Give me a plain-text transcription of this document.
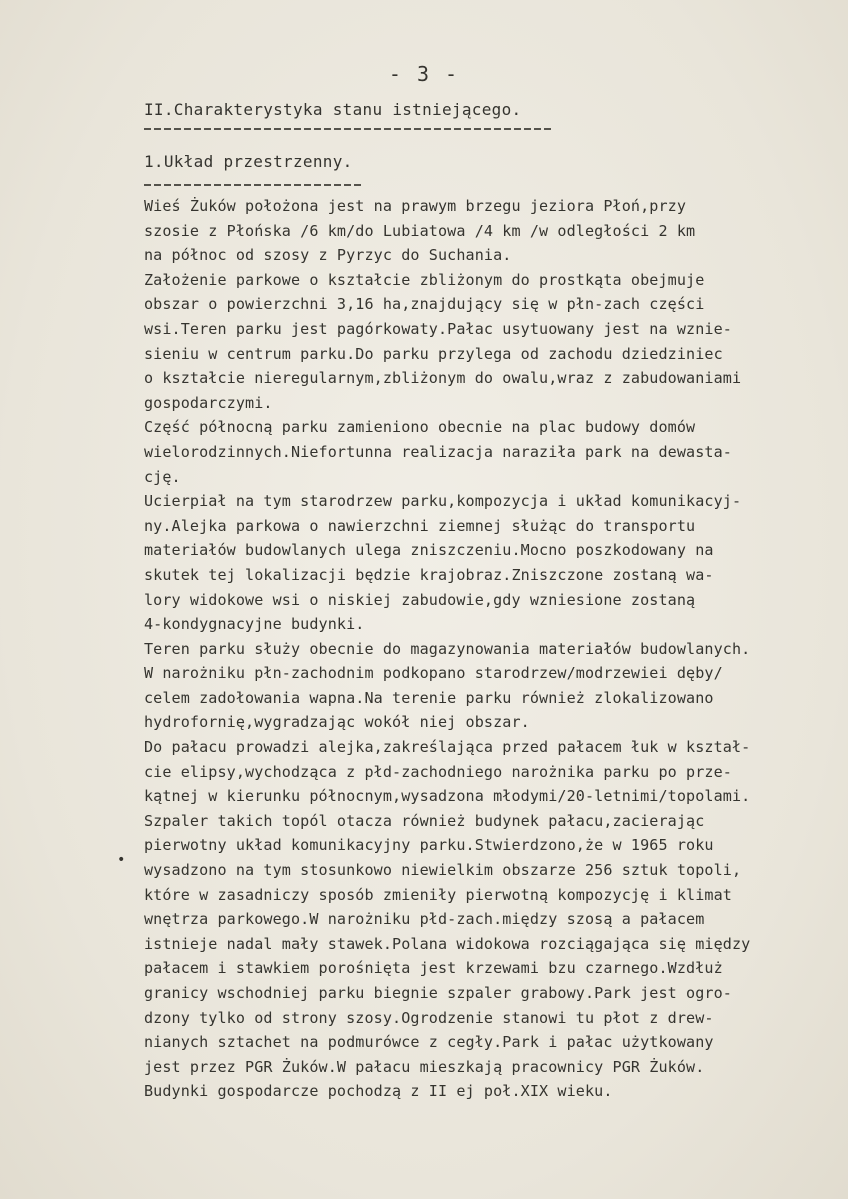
- 3 -
II.Charakterystyka stanu istniejącego.
1.Układ przestrzenny.
Wieś Żuków położona jest na prawym brzegu jeziora Płoń,przy
szosie z Płońska /6 km/do Lubiatowa /4 km /w odległości 2 km
na północ od szosy z Pyrzyc do Suchania.
Założenie parkowe o kształcie zbliżonym do prostkąta obejmuje
obszar o powierzchni 3,16 ha,znajdujący się w płn-zach części
wsi.Teren parku jest pagórkowaty.Pałac usytuowany jest na wznie-
sieniu w centrum parku.Do parku przylega od zachodu dziedziniec
o kształcie nieregularnym,zbliżonym do owalu,wraz z zabudowaniami
gospodarczymi.
Część północną parku zamieniono obecnie na plac budowy domów
wielorodzinnych.Niefortunna realizacja naraziła park na dewasta-
cję.
Ucierpiał na tym starodrzew parku,kompozycja i układ komunikacyj-
ny.Alejka parkowa o nawierzchni ziemnej służąc do transportu
materiałów budowlanych ulega zniszczeniu.Mocno poszkodowany na
skutek tej lokalizacji będzie krajobraz.Zniszczone zostaną wa-
lory widokowe wsi o niskiej zabudowie,gdy wzniesione zostaną
4-kondygnacyjne budynki.
Teren parku służy obecnie do magazynowania materiałów budowlanych.
W narożniku płn-zachodnim podkopano starodrzew/modrzewiei dęby/
celem zadołowania wapna.Na terenie parku również zlokalizowano
hydrofornię,wygradzając wokół niej obszar.
Do pałacu prowadzi alejka,zakreślająca przed pałacem łuk w kształ-
cie elipsy,wychodząca z płd-zachodniego narożnika parku po prze-
kątnej w kierunku północnym,wysadzona młodymi/20-letnimi/topolami.
Szpaler takich topól otacza również budynek pałacu,zacierając
pierwotny układ komunikacyjny parku.Stwierdzono,że w 1965 roku
wysadzono na tym stosunkowo niewielkim obszarze 256 sztuk topoli,
które w zasadniczy sposób zmieniły pierwotną kompozycję i klimat
wnętrza parkowego.W narożniku płd-zach.między szosą a pałacem
istnieje nadal mały stawek.Polana widokowa rozciągająca się między
pałacem i stawkiem porośnięta jest krzewami bzu czarnego.Wzdłuż
granicy wschodniej parku biegnie szpaler grabowy.Park jest ogro-
dzony tylko od strony szosy.Ogrodzenie stanowi tu płot z drew-
nianych sztachet na podmurówce z cegły.Park i pałac użytkowany
jest przez PGR Żuków.W pałacu mieszkają pracownicy PGR Żuków.
Budynki gospodarcze pochodzą z II ej poł.XIX wieku.
•
